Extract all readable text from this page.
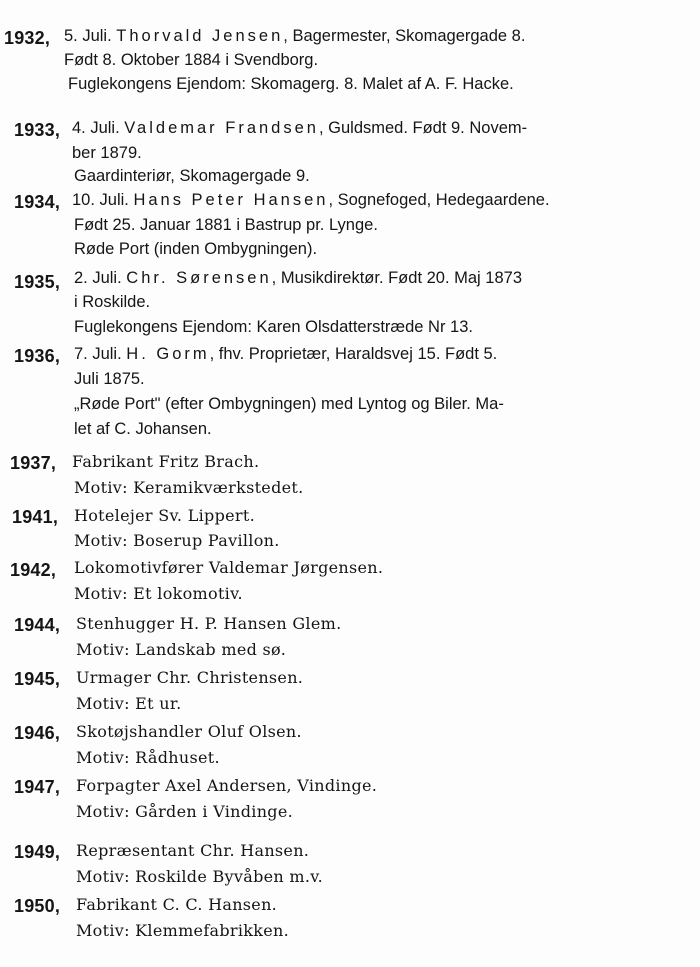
1932, 5. Juli. Thorvald Jensen, Bagermester, Skomagergade 8.
Født 8. Oktober 1884 i Svendborg.
Fuglekongens Ejendom: Skomagerg. 8. Malet af A. F. Hacke.
1933, 4. Juli. Valdemar Frandsen, Guldsmed. Født 9. Novem-
ber 1879.
Gaardinteriør, Skomagergade 9.
1934, 10. Juli. Hans Peter Hansen, Sognefoged, Hedegaardene.
Født 25. Januar 1881 i Bastrup pr. Lynge.
Røde Port (inden Ombygningen).
1935, 2. Juli. Chr. Sørensen, Musikdirektør. Født 20. Maj 1873
i Roskilde.
Fuglekongens Ejendom: Karen Olsdatterstræde Nr 13.
1936, 7. Juli. H. Gorm, fhv. Proprietær, Haraldsvej 15. Født 5.
Juli 1875.
„Røde Port" (efter Ombygningen) med Lyntog og Biler. Ma-
let af C. Johansen.
1937, Fabrikant Fritz Brach.
Motiv: Keramikværkstedet.
1941, Hotelejer Sv. Lippert.
Motiv: Boserup Pavillon.
1942, Lokomotivfører Valdemar Jørgensen.
Motiv: Et lokomotiv.
1944, Stenhugger H. P. Hansen Glem.
Motiv: Landskab med sø.
1945, Urmager Chr. Christensen.
Motiv: Et ur.
1946, Skotøjshandler Oluf Olsen.
Motiv: Rådhuset.
1947, Forpagter Axel Andersen, Vindinge.
Motiv: Gården i Vindinge.
1949, Repræsentant Chr. Hansen.
Motiv: Roskilde Byvåben m.v.
1950, Fabrikant C. C. Hansen.
Motiv: Klemmefabrikken.
